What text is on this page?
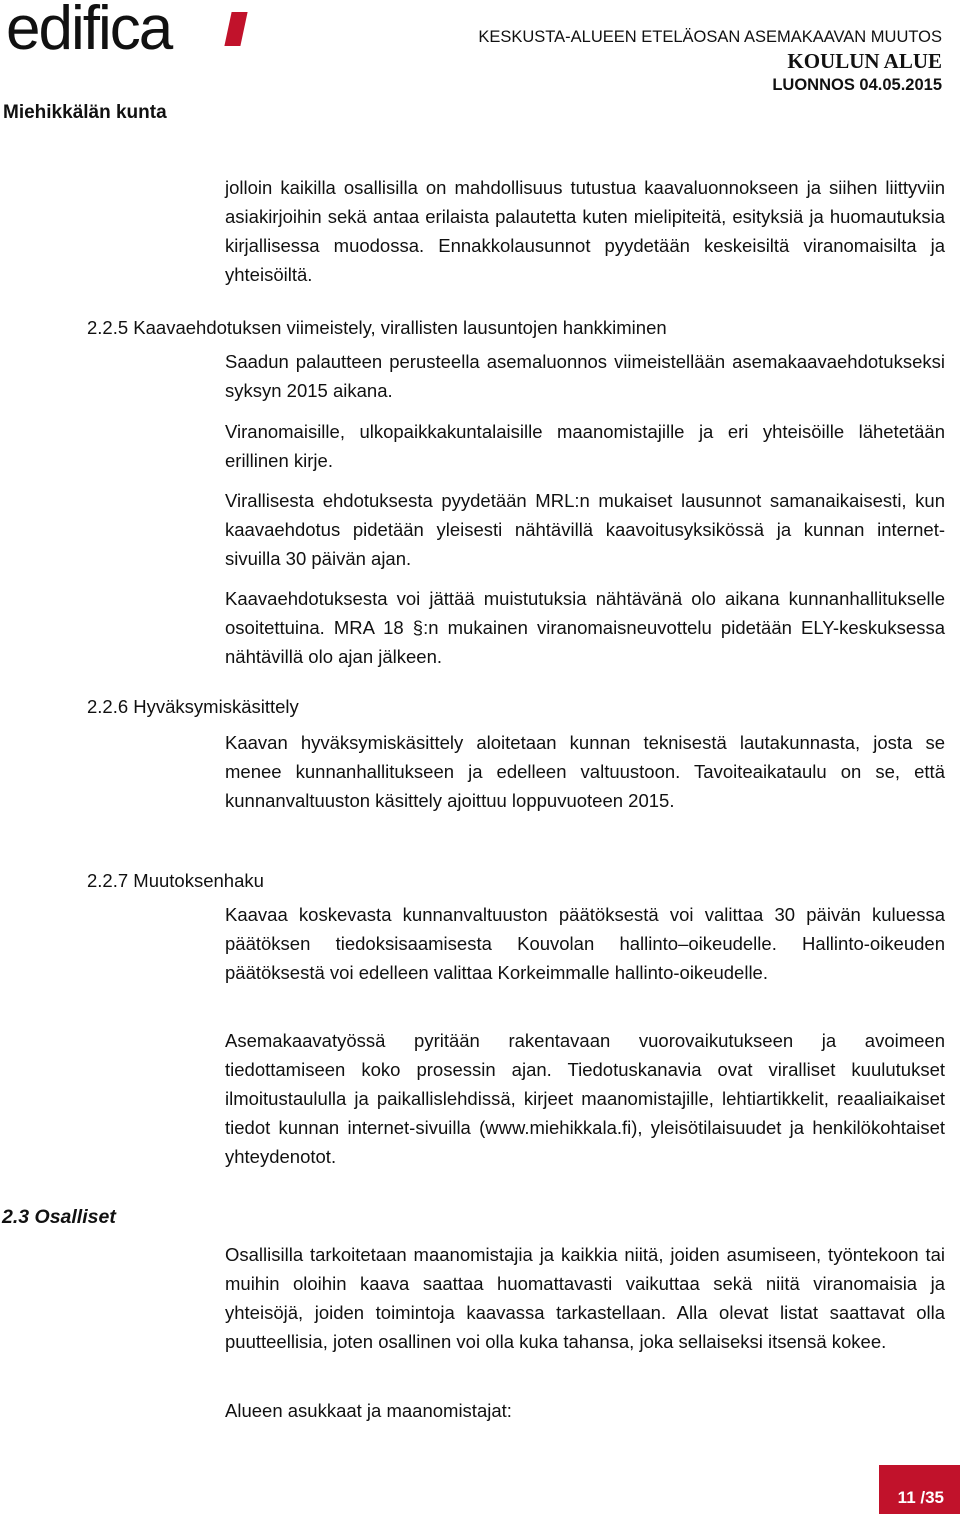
edifica
Miehikkälän kunta
KESKUSTA-ALUEEN ETELÄOSAN ASEMAKAAVAN MUUTOS
KOULUN ALUE
LUONNOS 04.05.2015
jolloin kaikilla osallisilla on mahdollisuus tutustua kaavaluonnokseen ja siihen liittyviin asiakirjoihin sekä antaa erilaista palautetta kuten mielipiteitä, esityksiä ja huomautuksia kirjallisessa muodossa. Ennakkolausunnot pyydetään keskeisiltä viranomaisilta ja yhteisöiltä.
2.2.5 Kaavaehdotuksen viimeistely, virallisten lausuntojen hankkiminen
Saadun palautteen perusteella asemaluonnos viimeistellään asemakaavaehdotukseksi syksyn 2015 aikana.
Viranomaisille, ulkopaikkakuntalaisille maanomistajille ja eri yhteisöille lähetetään erillinen kirje.
Virallisesta ehdotuksesta pyydetään MRL:n mukaiset lausunnot samanaikaisesti, kun kaavaehdotus pidetään yleisesti nähtävillä kaavoitusyksikössä ja kunnan internet-sivuilla 30 päivän ajan.
Kaavaehdotuksesta voi jättää muistutuksia nähtävänä olo aikana kunnanhallitukselle osoitettuina. MRA 18 §:n mukainen viranomaisneuvottelu pidetään ELY-keskuksessa nähtävillä olo ajan jälkeen.
2.2.6 Hyväksymiskäsittely
Kaavan hyväksymiskäsittely aloitetaan kunnan teknisestä lautakunnasta, josta se menee kunnanhallitukseen ja edelleen valtuustoon. Tavoiteaikataulu on se, että kunnanvaltuuston käsittely ajoittuu loppuvuoteen 2015.
2.2.7 Muutoksenhaku
Kaavaa koskevasta kunnanvaltuuston päätöksestä voi valittaa 30 päivän kuluessa päätöksen tiedoksisaamisesta Kouvolan hallinto–oikeudelle. Hallinto-oikeuden päätöksestä voi edelleen valittaa Korkeimmalle hallinto-oikeudelle.
Asemakaavatyössä pyritään rakentavaan vuorovaikutukseen ja avoimeen tiedottamiseen koko prosessin ajan. Tiedotuskanavia ovat viralliset kuulutukset ilmoitustaululla ja paikallislehdissä, kirjeet maanomistajille, lehtiartikkelit, reaaliaikaiset tiedot kunnan internet-sivuilla (www.miehikkala.fi), yleisötilaisuudet ja henkilökohtaiset yhteydenotot.
2.3 Osalliset
Osallisilla tarkoitetaan maanomistajia ja kaikkia niitä, joiden asumiseen, työntekoon tai muihin oloihin kaava saattaa huomattavasti vaikuttaa sekä niitä viranomaisia ja yhteisöjä, joiden toimintoja kaavassa tarkastellaan. Alla olevat listat saattavat olla puutteellisia, joten osallinen voi olla kuka tahansa, joka sellaiseksi itsensä kokee.
Alueen asukkaat ja maanomistajat:
11 /35
